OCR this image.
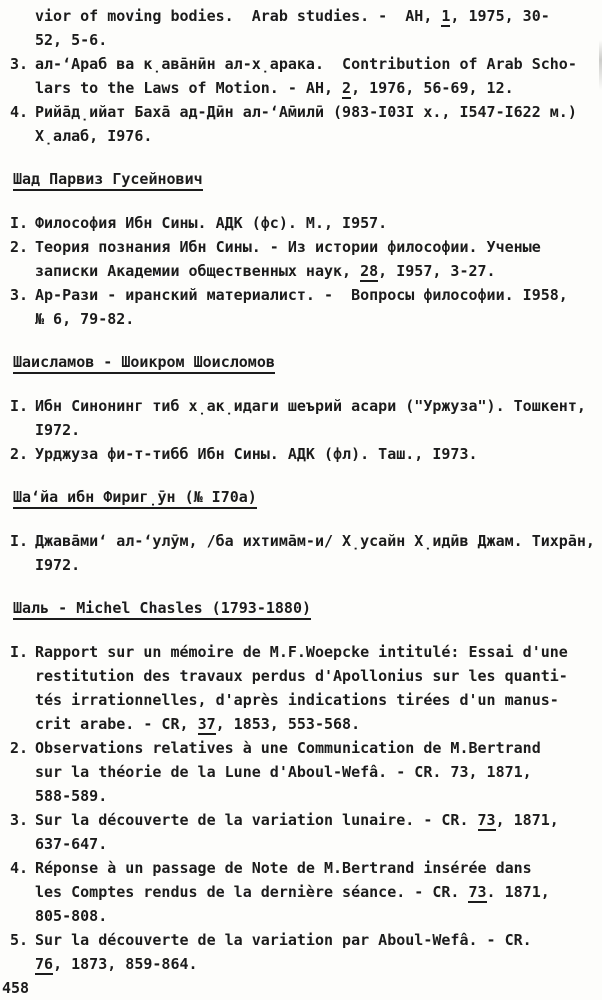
vior of moving bodies.  Arab studies. -  АН, 1, 1975, 30-
52, 5-6.
3. ал-ʻАраб ва к̣ава̄нӣн ал-х̣арака.  Contribution of Arab Scho-
lars to the Laws of Motion. - АН, 2, 1976, 56-69, 12.
4. Рийа̄д̣ийат Баха̄ ад-Дӣн ал-ʻА̄милӣ (983-І03І х., І547-І622 м.)
Х̣алаб, І976.
Шад Парвиз Гусейнович
І. Философия Ибн Сины. АДК (фс). М., І957.
2. Теория познания Ибн Сины. - Из истории философии. Ученые
записки Академии общественных наук, 28, І957, 3-27.
3. Ар-Рази - иранский материалист. -  Вопросы философии. І958,
№ 6, 79-82.
Шаисламов - Шоикром Шоисломов
І. Ибн Синонинг тиб х̣ак̣идаги шеърий асари ("Уржуза"). Тошкент,
І972.
2. Урджуза фи-т-тибб Ибн Сины. АДК (фл). Таш., І973.
Шаʻйа ибн Фириг̣ӯн (№ І70а)
І. Джава̄миʻ ал-ʻулӯм, /ба ихтима̄м-и/ Х̣усайн Х̣идӣв Джам. Тихра̄н,
І972.
Шаль - Michel Chasles (1793-1880)
I. Rapport sur un mémoire de M.F.Woepcke intitulé: Essai d'une
restitution des travaux perdus d'Apollonius sur les quanti-
tés irrationnelles, d'après indications tirées d'un manus-
crit arabe. - CR, 37, 1853, 553-568.
2. Observations relatives à une Communication de M.Bertrand
sur la théorie de la Lune d'Aboul-Wefâ. - CR. 73, 1871,
588-589.
3. Sur la découverte de la variation lunaire. - CR. 73, 1871,
637-647.
4. Réponse à un passage de Note de M.Bertrand insérée dans
les Comptes rendus de la dernière séance. - CR. 73. 1871,
805-808.
5. Sur la découverte de la variation par Aboul-Wefâ. - CR.
76, 1873, 859-864.
458
